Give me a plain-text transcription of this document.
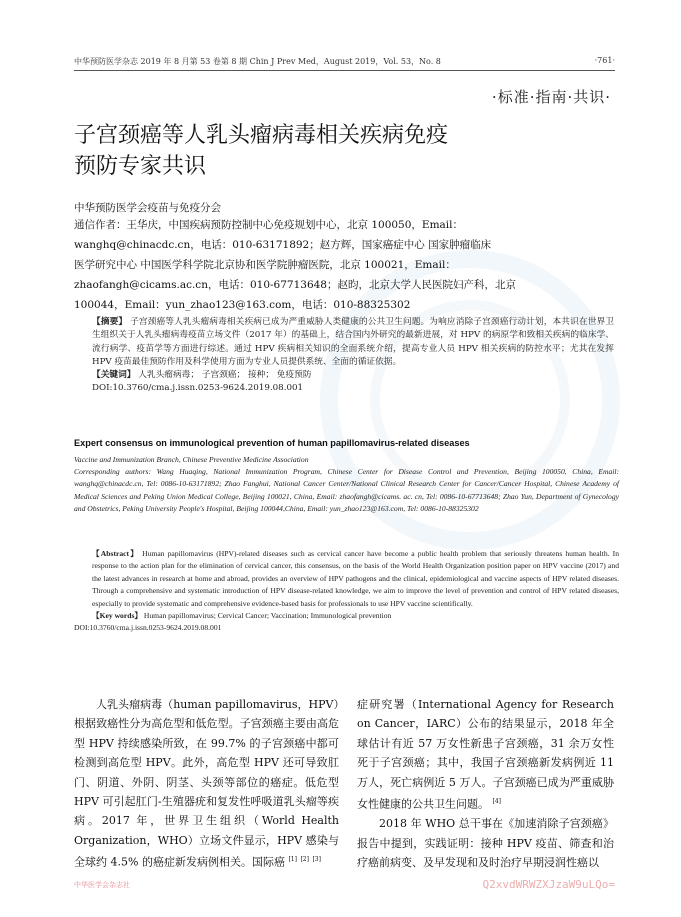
中华预防医学杂志 2019 年 8 月第 53 卷第 8 期 Chin J Prev Med，August 2019，Vol. 53，No. 8	·761·
·标准·指南·共识·
子宫颈癌等人乳头瘤病毒相关疾病免疫
预防专家共识
中华预防医学会疫苗与免疫分会
通信作者：王华庆，中国疾病预防控制中心免疫规划中心，北京 100050，Email：
wanghq@chinacdc.cn，电话：010-63171892；赵方辉，国家癌症中心 国家肿瘤临床
医学研究中心 中国医学科学院北京协和医学院肿瘤医院，北京 100021，Email：
zhaofangh@cicams.ac.cn，电话：010-67713648；赵昀，北京大学人民医院妇产科，北京
100044，Email：yun_zhao123@163.com，电话：010-88325302
【摘要】 子宫颈癌等人乳头瘤病毒相关疾病已成为严重威胁人类健康的公共卫生问题。为响应消除子宫颈癌行动计划，本共识在世界卫生组织关于人乳头瘤病毒疫苗立场文件（2017 年）的基础上，结合国内外研究的最新进展，对 HPV 的病原学和致相关疾病的临床学、流行病学、疫苗学等方面进行综述。通过 HPV 疾病相关知识的全面系统介绍，提高专业人员 HPV 相关疾病的防控水平；尤其在发挥 HPV 疫苗最佳预防作用及科学使用方面为专业人员提供系统、全面的循证依据。
【关键词】 人乳头瘤病毒； 子宫颈癌； 接种； 免疫预防
DOI:10.3760/cma.j.issn.0253-9624.2019.08.001
Expert consensus on immunological prevention of human papillomavirus-related diseases
Vaccine and Immunization Branch, Chinese Preventive Medicine Association
Corresponding authors: Wang Huaqing, National Immunization Program, Chinese Center for Disease Control and Prevention, Beijing 100050, China, Email: wanghq@chinacdc.cn, Tel: 0086-10-63171892; Zhao Fanghui, National Cancer Center/National Clinical Research Center for Cancer/Cancer Hospital, Chinese Academy of Medical Sciences and Peking Union Medical College, Beijing 100021, China, Email: zhaofangh@cicams. ac. cn, Tel: 0086-10-67713648; Zhao Yun, Department of Gynecology and Obstetrics, Peking University People's Hospital, Beijing 100044,China, Email: yun_zhao123@163.com, Tel: 0086-10-88325302
【Abstract】 Human papillomavirus (HPV)-related diseases such as cervical cancer have become a public health problem that seriously threatens human health. In response to the action plan for the elimination of cervical cancer, this consensus, on the basis of the World Health Organization position paper on HPV vaccine (2017) and the latest advances in research at home and abroad, provides an overview of HPV pathogens and the clinical, epidemiological and vaccine aspects of HPV related diseases. Through a comprehensive and systematic introduction of HPV disease-related knowledge, we aim to improve the level of prevention and control of HPV related diseases, especially to provide systematic and comprehensive evidence-based basis for professionals to use HPV vaccine scientifically.
【Key words】 Human papillomavirus; Cervical Cancer; Vaccination; Immunological prevention
DOI:10.3760/cma.j.issn.0253-9624.2019.08.001
人乳头瘤病毒（human papillomavirus，HPV）根据致癌性分为高危型和低危型。子宫颈癌主要由高危型 HPV 持续感染所致，在 99.7% 的子宫颈癌中都可检测到高危型 HPV。此外，高危型 HPV 还可导致肛门、阴道、外阴、阴茎、头颈等部位的癌症。低危型 HPV 可引起肛门-生殖器疣和复发性呼吸道乳头瘤等疾病。2017 年，世界卫生组织（World Health Organization，WHO）立场文件显示，HPV 感染与全球约 4.5% 的癌症新发病例相关。国际癌 [1] [2] [3]
症研究署（International Agency for Research on Cancer，IARC）公布的结果显示，2018 年全球估计有近 57 万女性新患子宫颈癌，31 余万女性死于子宫颈癌；其中，我国子宫颈癌新发病例近 11 万人，死亡病例近 5 万人。子宫颈癌已成为严重威胁女性健康的公共卫生问题。 [4]
2018 年 WHO 总干事在《加速消除子宫颈癌》报告中提到，实践证明：接种 HPV 疫苗、筛查和治疗癌前病变、及早发现和及时治疗早期浸润性癌以
中华医学会杂志社	Q2xvdWRWZXJzaW9uLQo=
